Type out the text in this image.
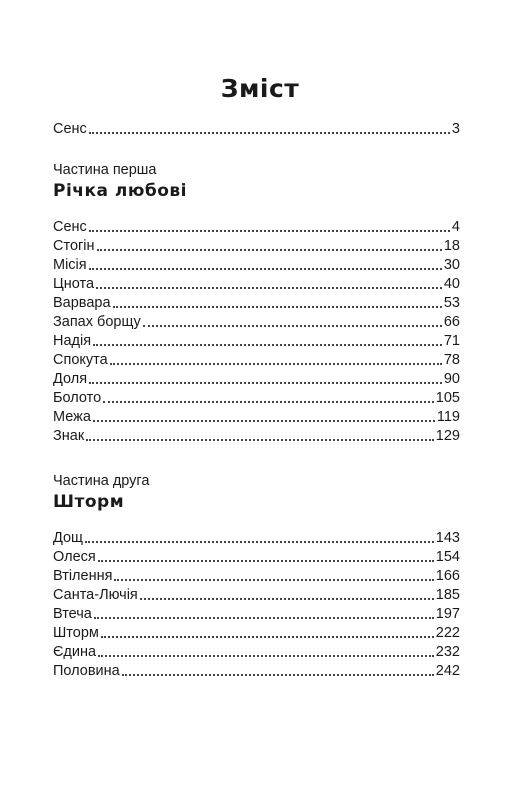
Зміст
Сенс	3
Частина перша
Річка любові
Сенс	4
Стогін	18
Місія	30
Цнота	40
Варвара	53
Запах борщу	66
Надія	71
Спокута	78
Доля	90
Болото	105
Межа	119
Знак	129
Частина друга
Шторм
Дощ	143
Олеся	154
Втілення	166
Санта-Лючія	185
Втеча	197
Шторм	222
Єдина	232
Половина	242
